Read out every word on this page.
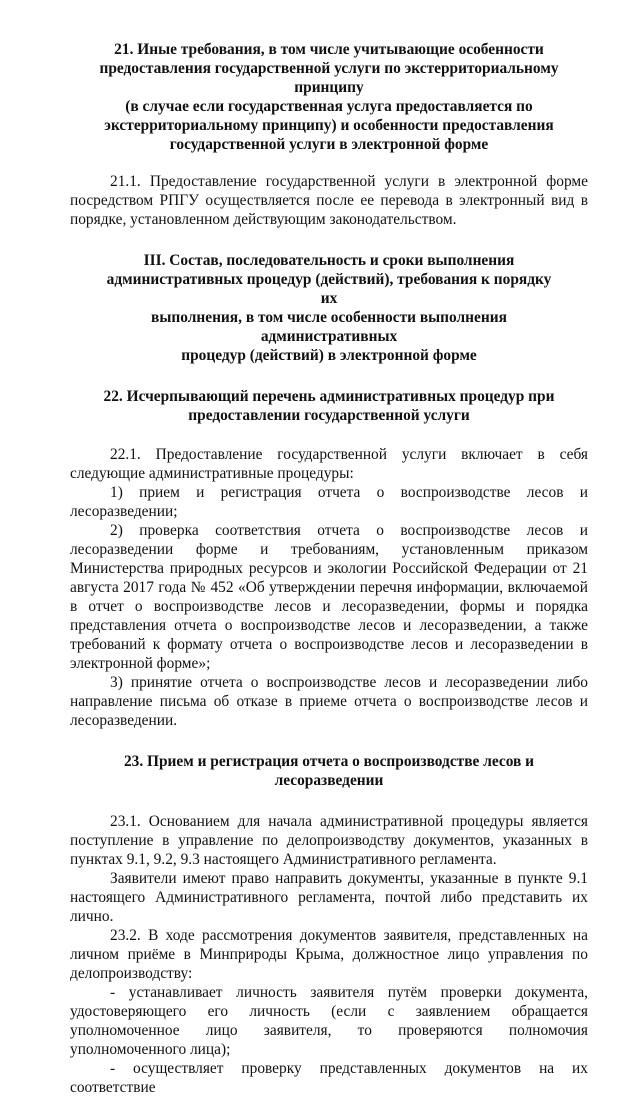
21. Иные требования, в том числе учитывающие особенности
предоставления государственной услуги по экстерриториальному принципу
(в случае если государственная услуга предоставляется по
экстерриториальному принципу) и особенности предоставления
государственной услуги в электронной форме

21.1. Предоставление государственной услуги в электронной форме посредством РПГУ осуществляется после ее перевода в электронный вид в порядке, установленном действующим законодательством.

III. Состав, последовательность и сроки выполнения
административных процедур (действий), требования к порядку их
выполнения, в том числе особенности выполнения административных
процедур (действий) в электронной форме
22. Исчерпывающий перечень административных процедур при
предоставлении государственной услуги

22.1. Предоставление государственной услуги включает в себя следующие административные процедуры:

1) прием и регистрация отчета о воспроизводстве лесов и лесоразведении;

2) проверка соответствия отчета о воспроизводстве лесов и лесоразведении форме и требованиям, установленным приказом Министерства природных ресурсов и экологии Российской Федерации от 21 августа 2017 года № 452 «Об утверждении перечня информации, включаемой в отчет о воспроизводстве лесов и лесоразведении, формы и порядка представления отчета о воспроизводстве лесов и лесоразведении, а также требований к формату отчета о воспроизводстве лесов и лесоразведении в электронной форме»;

3) принятие отчета о воспроизводстве лесов и лесоразведении либо направление письма об отказе в приеме отчета о воспроизводстве лесов и лесоразведении.

23. Прием и регистрация отчета о воспроизводстве лесов и
лесоразведении

23.1. Основанием для начала административной процедуры является поступление в управление по делопроизводству документов, указанных в пунктах 9.1, 9.2, 9.3 настоящего Административного регламента.

Заявители имеют право направить документы, указанные в пункте 9.1 настоящего Административного регламента, почтой либо представить их лично.

23.2. В ходе рассмотрения документов заявителя, представленных на личном приёме в Минприроды Крыма, должностное лицо управления по делопроизводству:

- устанавливает личность заявителя путём проверки документа, удостоверяющего его личность (если с заявлением обращается уполномоченное лицо заявителя, то проверяются полномочия уполномоченного лица);

- осуществляет проверку представленных документов на их соответствие
